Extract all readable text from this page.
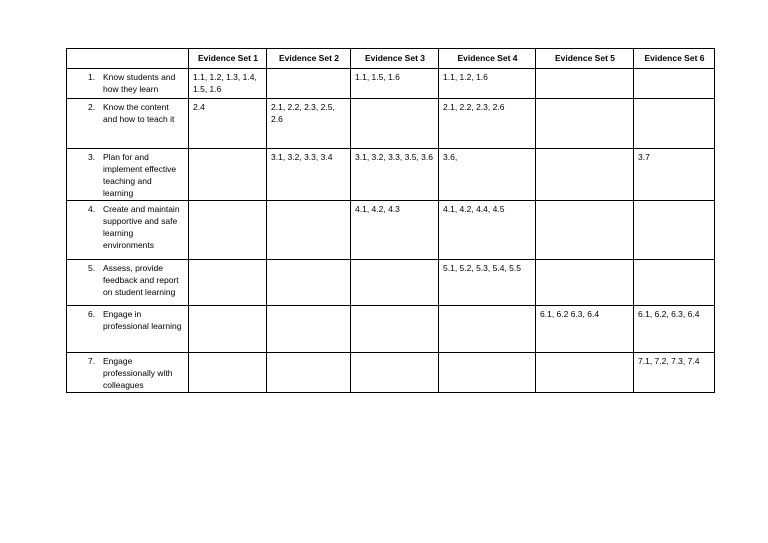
	Evidence Set 1	Evidence Set 2	Evidence Set 3	Evidence Set 4	Evidence Set 5	Evidence Set 6

1. Know students and how they learn	1.1, 1.2, 1.3, 1.4, 1.5, 1.6		1.1, 1.5, 1.6	1.1, 1.2, 1.6		

2. Know the content and how to teach it	2.4	2.1, 2.2, 2.3, 2.5, 2.6		2.1, 2.2, 2.3, 2.6		

3. Plan for and implement effective teaching and learning		3.1, 3.2, 3.3, 3.4	3.1, 3.2, 3.3, 3.5, 3.6	3.6,		3.7

4. Create and maintain supportive and safe learning environments			4.1, 4.2, 4.3	4.1, 4.2, 4.4, 4.5		

5. Assess, provide feedback and report on student learning				5.1, 5.2, 5.3, 5.4, 5.5		

6. Engage in professional learning					6.1, 6.2 6.3, 6.4	6.1, 6.2, 6.3, 6.4

7. Engage professionally with colleagues						7.1, 7.2, 7.3, 7.4
